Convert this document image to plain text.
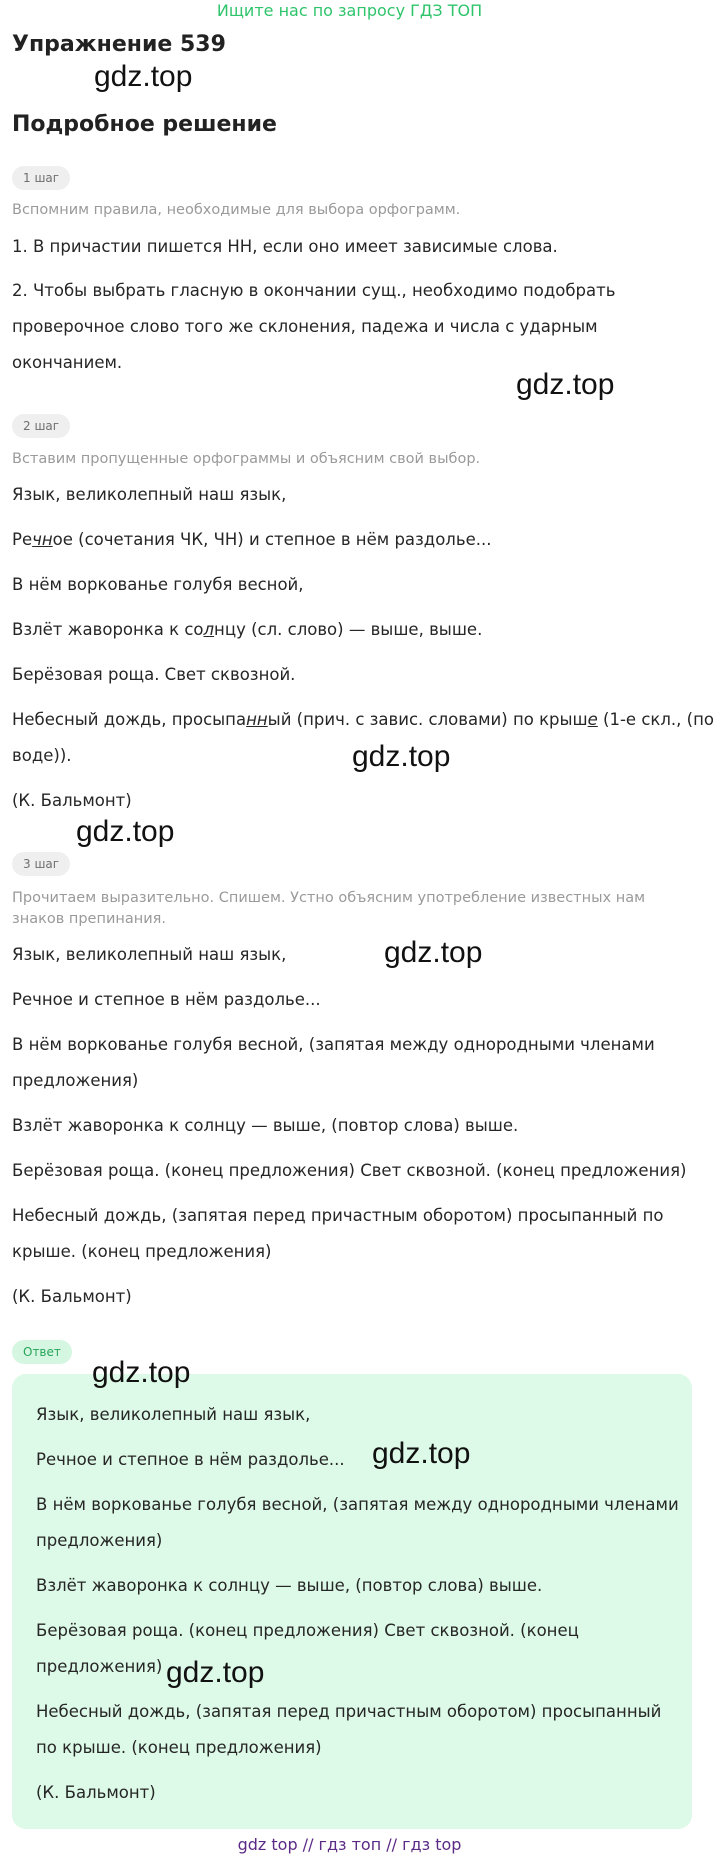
Ищите нас по запросу ГДЗ ТОП
Упражнение 539
Подробное решение
1 шаг

Вспомним правила, необходимые для выбора орфограмм.

1. В причастии пишется НН, если оно имеет зависимые слова.

2. Чтобы выбрать гласную в окончании сущ., необходимо подобрать

проверочное слово того же склонения, падежа и числа с ударным

окончанием.

2 шаг

Вставим пропущенные орфограммы и объясним свой выбор.

Язык, великолепный наш язык,

Речное (сочетания ЧК, ЧН) и степное в нём раздолье...

В нём воркованье голубя весной,

Взлёт жаворонка к солнцу (сл. слово) — выше, выше.

Берёзовая роща. Свет сквозной.

Небесный дождь, просыпанный (прич. с завис. словами) по крыше (1-е скл., (по

воде)).

(К. Бальмонт)

3 шаг

Прочитаем выразительно. Спишем. Устно объясним употребление известных нам

знаков препинания.

Язык, великолепный наш язык,

Речное и степное в нём раздолье...

В нём воркованье голубя весной, (запятая между однородными членами

предложения)

Взлёт жаворонка к солнцу — выше, (повтор слова) выше.

Берёзовая роща. (конец предложения) Свет сквозной. (конец предложения)

Небесный дождь, (запятая перед причастным оборотом) просыпанный по

крыше. (конец предложения)

(К. Бальмонт)

Ответ

Язык, великолепный наш язык,

Речное и степное в нём раздолье...

В нём воркованье голубя весной, (запятая между однородными членами

предложения)

Взлёт жаворонка к солнцу — выше, (повтор слова) выше.

Берёзовая роща. (конец предложения) Свет сквозной. (конец

предложения)

Небесный дождь, (запятая перед причастным оборотом) просыпанный

по крыше. (конец предложения)

(К. Бальмонт)

gdz.top
gdz.top
gdz.top
gdz.top
gdz.top
gdz.top
gdz.top
gdz.top
gdz top // гдз топ // гдз top
